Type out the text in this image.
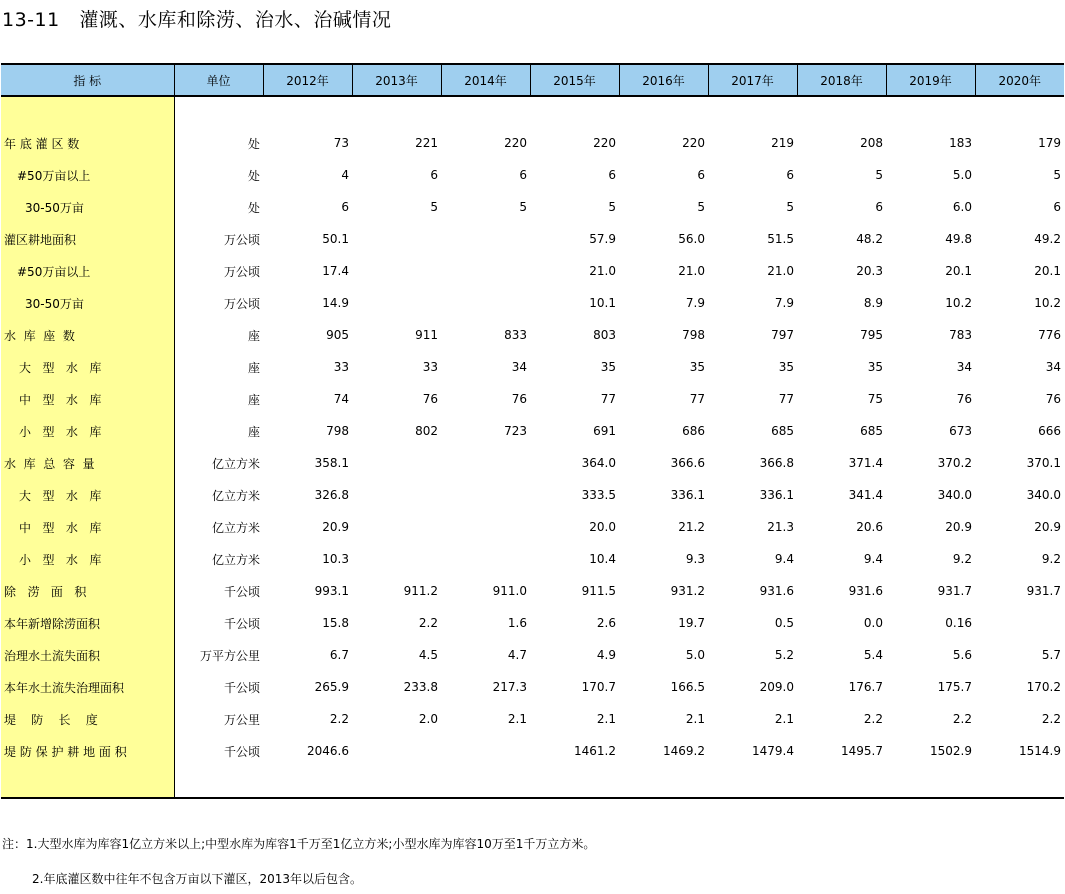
13-11   灌溉、水库和除涝、治水、治碱情况
指 标	单位	2012年	2013年	2014年	2015年	2016年	2017年	2018年	2019年	2020年

年 底 灌 区 数	处	73	221	220	220	220	219	208	183	179
#50万亩以上	处	4	6	6	6	6	6	5	5.0	5
30-50万亩	处	6	5	5	5	5	5	6	6.0	6
灌区耕地面积	万公顷	50.1			57.9	56.0	51.5	48.2	49.8	49.2
#50万亩以上	万公顷	17.4			21.0	21.0	21.0	20.3	20.1	20.1
30-50万亩	万公顷	14.9			10.1	7.9	7.9	8.9	10.2	10.2
水  库  座  数	座	905	911	833	803	798	797	795	783	776
大   型   水   库	座	33	33	34	35	35	35	35	34	34
中   型   水   库	座	74	76	76	77	77	77	75	76	76
小   型   水   库	座	798	802	723	691	686	685	685	673	666
水  库  总  容  量	亿立方米	358.1			364.0	366.6	366.8	371.4	370.2	370.1
大   型   水   库	亿立方米	326.8			333.5	336.1	336.1	341.4	340.0	340.0
中   型   水   库	亿立方米	20.9			20.0	21.2	21.3	20.6	20.9	20.9
小   型   水   库	亿立方米	10.3			10.4	9.3	9.4	9.4	9.2	9.2
除   涝   面   积	千公顷	993.1	911.2	911.0	911.5	931.2	931.6	931.6	931.7	931.7
本年新增除涝面积	千公顷	15.8	2.2	1.6	2.6	19.7	0.5	0.0	0.16	
治理水土流失面积	万平方公里	6.7	4.5	4.7	4.9	5.0	5.2	5.4	5.6	5.7
本年水土流失治理面积	千公顷	265.9	233.8	217.3	170.7	166.5	209.0	176.7	175.7	170.2
堤    防    长    度	万公里	2.2	2.0	2.1	2.1	2.1	2.1	2.2	2.2	2.2
堤 防 保 护 耕 地 面 积	千公顷	2046.6			1461.2	1469.2	1479.4	1495.7	1502.9	1514.9

注：1.大型水库为库容1亿立方米以上;中型水库为库容1千万至1亿立方米;小型水库为库容10万至1千万立方米。
2.年底灌区数中往年不包含万亩以下灌区，2013年以后包含。
